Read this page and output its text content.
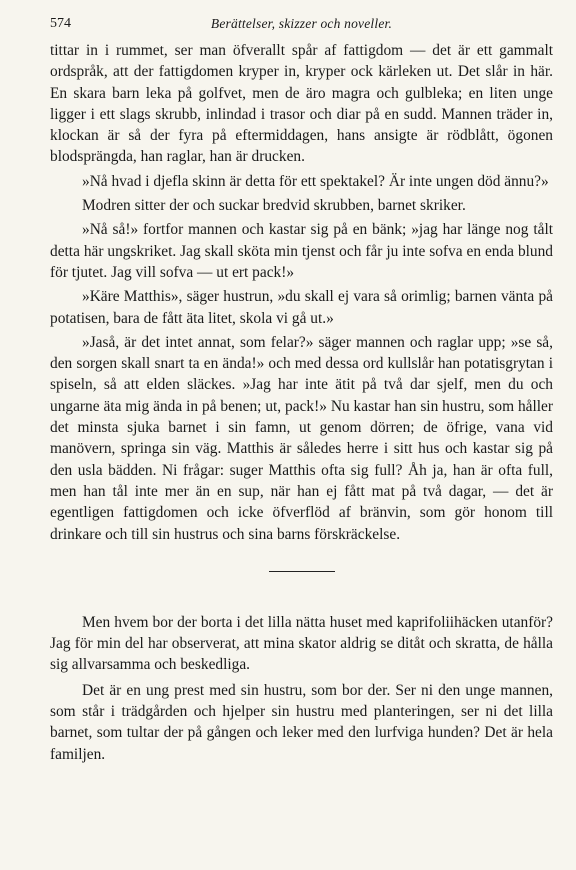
574	Berättelser, skizzer och noveller.

tittar in i rummet, ser man öfverallt spår af fattigdom — det är ett gammalt ordspråk, att der fattigdomen kryper in, kryper ock kärleken ut. Det slår in här. En skara barn leka på golfvet, men de äro magra och gulbleka; en liten unge ligger i ett slags skrubb, inlindad i trasor och diar på en sudd. Mannen träder in, klockan är så der fyra på eftermiddagen, hans ansigte är rödblått, ögonen blodsprängda, han raglar, han är drucken.

»Nå hvad i djefla skinn är detta för ett spektakel? Är inte ungen död ännu?»

Modren sitter der och suckar bredvid skrubben, barnet skriker.

»Nå så!» fortfor mannen och kastar sig på en bänk; »jag har länge nog tålt detta här ungskriket. Jag skall sköta min tjenst och får ju inte sofva en enda blund för tjutet. Jag vill sofva — ut ert pack!»

»Käre Matthis», säger hustrun, »du skall ej vara så orimlig; barnen vänta på potatisen, bara de fått äta litet, skola vi gå ut.»

»Jaså, är det intet annat, som felar?» säger mannen och raglar upp; »se så, den sorgen skall snart ta en ända!» och med dessa ord kullslår han potatisgrytan i spiseln, så att elden släckes. »Jag har inte ätit på två dar sjelf, men du och ungarne äta mig ända in på benen; ut, pack!» Nu kastar han sin hustru, som håller det minsta sjuka barnet i sin famn, ut genom dörren; de öfrige, vana vid manövern, springa sin väg. Matthis är således herre i sitt hus och kastar sig på den usla bädden. Ni frågar: suger Matthis ofta sig full? Åh ja, han är ofta full, men han tål inte mer än en sup, när han ej fått mat på två dagar, — det är egentligen fattigdomen och icke öfverflöd af bränvin, som gör honom till drinkare och till sin hustrus och sina barns förskräckelse.

Men hvem bor der borta i det lilla nätta huset med kaprifoliihäcken utanför? Jag för min del har observerat, att mina skator aldrig se ditåt och skratta, de hålla sig allvarsamma och beskedliga.

Det är en ung prest med sin hustru, som bor der. Ser ni den unge mannen, som står i trädgården och hjelper sin hustru med planteringen, ser ni det lilla barnet, som tultar der på gången och leker med den lurfviga hunden? Det är hela familjen.
